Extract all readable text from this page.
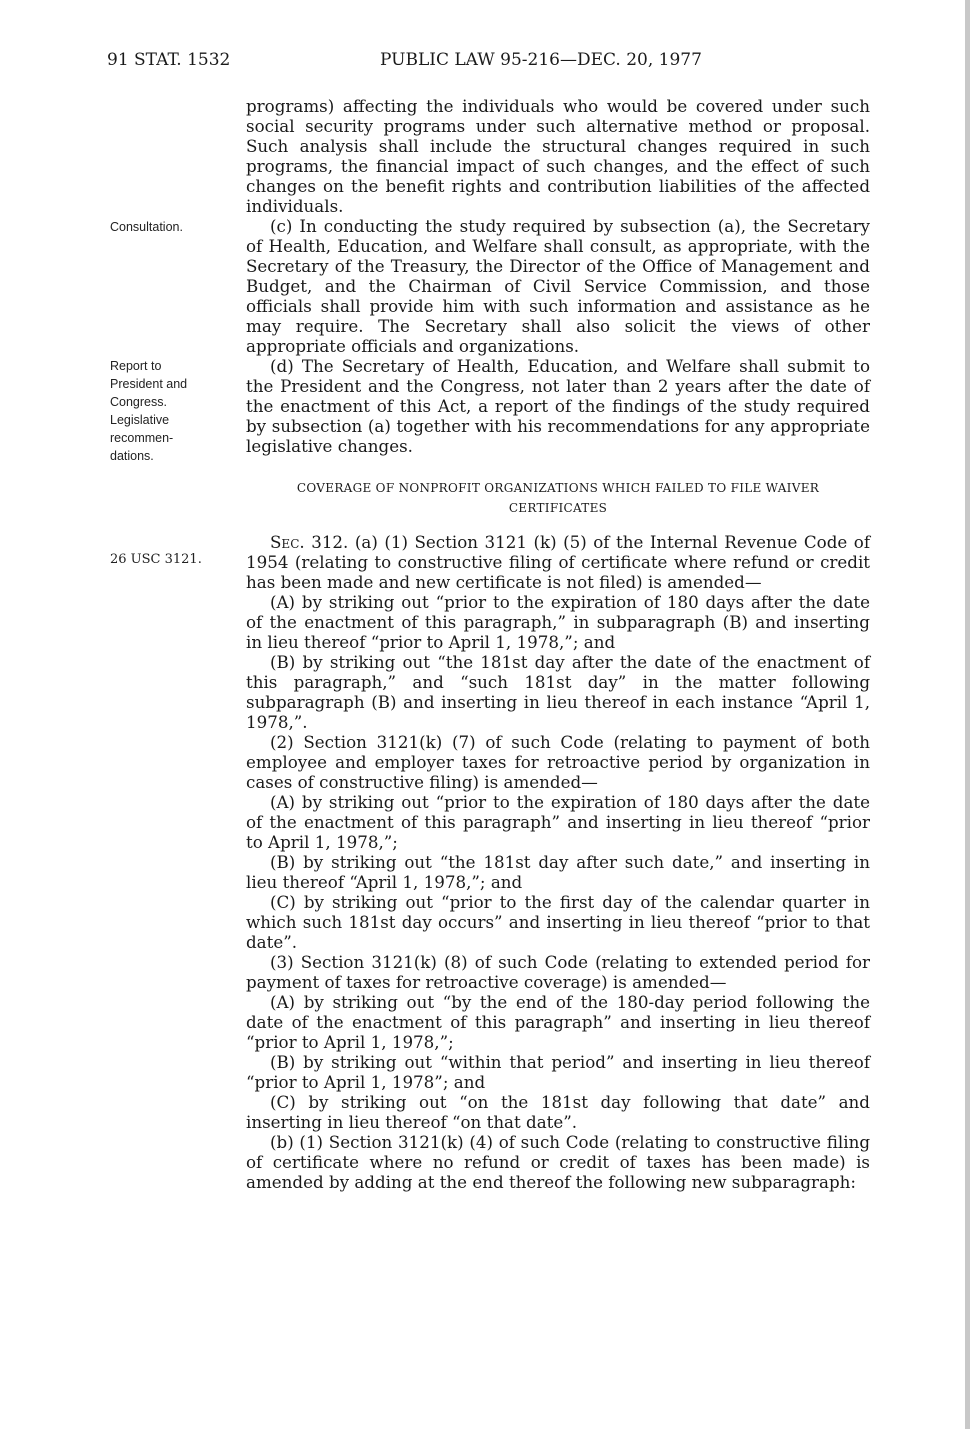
91 STAT. 1532	PUBLIC LAW 95-216—DEC. 20, 1977
Consultation.
Report to
President and
Congress.
Legislative
recommen-
dations.
26 USC 3121.

programs) affecting the individuals who would be covered under such social security programs under such alternative method or proposal. Such analysis shall include the structural changes required in such programs, the financial impact of such changes, and the effect of such changes on the benefit rights and contribution liabilities of the affected individuals.

(c) In conducting the study required by subsection (a), the Secretary of Health, Education, and Welfare shall consult, as appropriate, with the Secretary of the Treasury, the Director of the Office of Management and Budget, and the Chairman of Civil Service Commission, and those officials shall provide him with such information and assistance as he may require. The Secretary shall also solicit the views of other appropriate officials and organizations.

(d) The Secretary of Health, Education, and Welfare shall submit to the President and the Congress, not later than 2 years after the date of the enactment of this Act, a report of the findings of the study required by subsection (a) together with his recommendations for any appropriate legislative changes.

COVERAGE OF NONPROFIT ORGANIZATIONS WHICH FAILED TO FILE WAIVER CERTIFICATES

Sec. 312. (a) (1) Section 3121 (k) (5) of the Internal Revenue Code of 1954 (relating to constructive filing of certificate where refund or credit has been made and new certificate is not filed) is amended—

(A) by striking out “prior to the expiration of 180 days after the date of the enactment of this paragraph,” in subparagraph (B) and inserting in lieu thereof “prior to April 1, 1978,”; and

(B) by striking out “the 181st day after the date of the enactment of this paragraph,” and “such 181st day” in the matter following subparagraph (B) and inserting in lieu thereof in each instance “April 1, 1978,”.

(2) Section 3121(k) (7) of such Code (relating to payment of both employee and employer taxes for retroactive period by organization in cases of constructive filing) is amended—

(A) by striking out “prior to the expiration of 180 days after the date of the enactment of this paragraph” and inserting in lieu thereof “prior to April 1, 1978,”;

(B) by striking out “the 181st day after such date,” and inserting in lieu thereof “April 1, 1978,”; and

(C) by striking out “prior to the first day of the calendar quarter in which such 181st day occurs” and inserting in lieu thereof “prior to that date”.

(3) Section 3121(k) (8) of such Code (relating to extended period for payment of taxes for retroactive coverage) is amended—

(A) by striking out “by the end of the 180-day period following the date of the enactment of this paragraph” and inserting in lieu thereof “prior to April 1, 1978,”;

(B) by striking out “within that period” and inserting in lieu thereof “prior to April 1, 1978”; and

(C) by striking out “on the 181st day following that date” and inserting in lieu thereof “on that date”.

(b) (1) Section 3121(k) (4) of such Code (relating to constructive filing of certificate where no refund or credit of taxes has been made) is amended by adding at the end thereof the following new subparagraph:
